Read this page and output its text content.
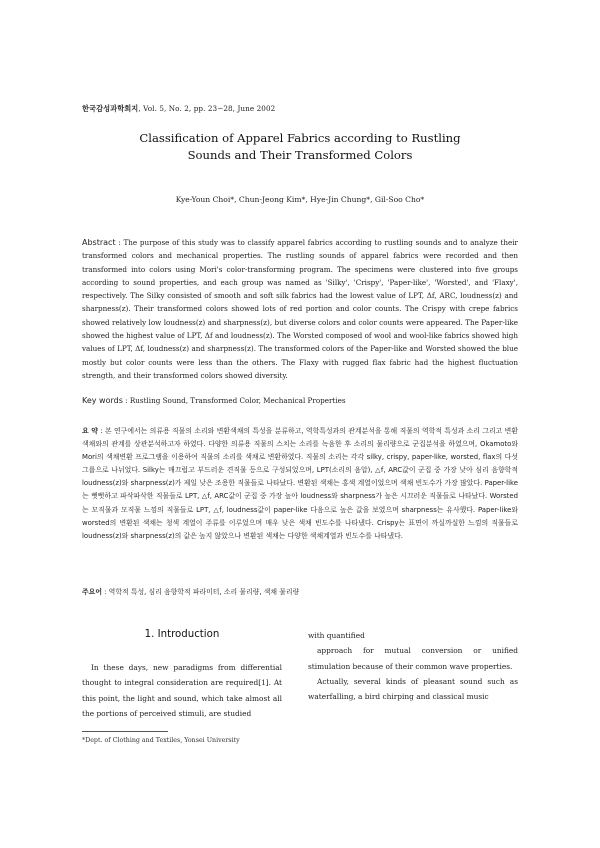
한국감성과학회지, Vol. 5, No. 2, pp. 23−28, June 2002
Classification of Apparel Fabrics according to Rustling
Sounds and Their Transformed Colors
Kye-Youn Choi*, Chun-Jeong Kim*, Hye-Jin Chung*, Gil-Soo Cho*
Abstract : The purpose of this study was to classify apparel fabrics according to rustling sounds and to analyze their transformed colors and mechanical properties. The rustling sounds of apparel fabrics were recorded and then transformed into colors using Mori's color-transforming program. The specimens were clustered into five groups according to sound properties, and each group was named as 'Silky', 'Crispy', 'Paper-like', 'Worsted', and 'Flaxy', respectively. The Silky consisted of smooth and soft silk fabrics had the lowest value of LPT, Δf, ARC, loudness(z) and sharpness(z). Their transformed colors showed lots of red portion and color counts. The Crispy with crepe fabrics showed relatively low loudness(z) and sharpness(z), but diverse colors and color counts were appeared. The Paper-like showed the highest value of LPT, Δf and loudness(z). The Worsted composed of wool and wool-like fabrics showed high values of LPT, Δf, loudness(z) and sharpness(z). The transformed colors of the Paper-like and Worsted showed the blue mostly but color counts were less than the others. The Flaxy with rugged flax fabric had the highest fluctuation strength, and their transformed colors showed diversity.
Key words : Rustling Sound, Transformed Color, Mechanical Properties
요 약 : 본 연구에서는 의류용 직물의 소리와 변환색채의 특성을 분류하고, 역학특성과의 관계분석을 통해 직물의 역학적 특성과 소리 그리고 변환색채와의 관계를 상관분석하고자 하였다. 다양한 의류용 직물의 스치는 소리를 녹음한 후 소리의 물리량으로 군집분석을 하였으며, Okamoto와 Mori의 색채변환 프로그램을 이용하여 직물의 소리를 색채로 변환하였다. 직물의 소리는 각각 silky, crispy, paper-like, worsted, flax의 다섯 그룹으로 나뉘었다. Silky는 매끄럽고 부드러운 견직물 등으로 구성되었으며, LPT(소리의 음압), △f, ARC값이 군집 중 가장 낮아 심리 음향학적 loudness(z)와 sharpness(z)가 제일 낮은 조용한 직물들로 나타났다. 변환된 색채는 홍색 계열이었으며 색채 빈도수가 가장 많았다. Paper-like는 뻣뻣하고 파삭파삭한 직물들로 LPT, △f, ARC값이 군집 중 가장 높아 loudness와 sharpness가 높은 시끄러운 직물들로 나타났다. Worsted는 모직물과 모직물 느낌의 직물들로 LPT, △f, loudness값이 paper-like 다음으로 높은 값을 보였으며 sharpness는 유사했다. Paper-like와 worsted의 변환된 색채는 청색 계열이 주류를 이루었으며 매우 낮은 색채 빈도수를 나타냈다. Crispy는 표면이 까실까실한 느낌의 직물들로 loudness(z)와 sharpness(z)의 값은 높지 않았으나 변환된 색채는 다양한 색채계열과 빈도수를 나타냈다.
주요어 : 역학적 특성, 심리 음향학적 파라미터, 소리 물리량, 색채 물리량
1. Introduction
In these days, new paradigms from differential thought to integral consideration are required[1]. At this point, the light and sound, which take almost all the portions of perceived stimuli, are studied

with quantified

approach for mutual conversion or unified stimulation because of their common wave properties.

Actually, several kinds of pleasant sound such as waterfalling, a bird chirping and classical music

*Dept. of Clothing and Textiles, Yonsei University
